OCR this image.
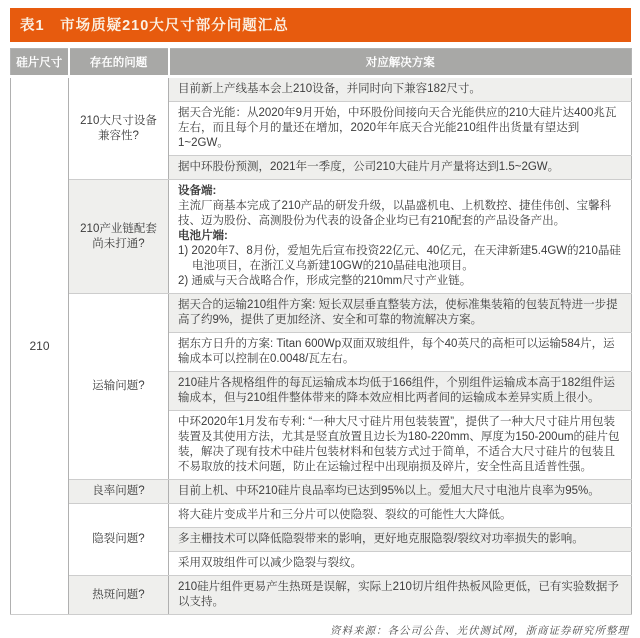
表1　市场质疑210大尺寸部分问题汇总
硅片尺寸	存在的问题	对应解决方案
210	210大尺寸设备兼容性?	目前新上产线基本会上210设备，并同时向下兼容182尺寸。
		据天合光能：从2020年9月开始，中环股份间接向天合光能供应的210大硅片达400兆瓦左右，而且每个月的量还在增加，2020年年底天合光能210组件出货量有望达到1~2GW。
		据中环股份预测，2021年一季度，公司210大硅片月产量将达到1.5~2GW。
	210产业链配套尚未打通?	设备端:
主流厂商基本完成了210产品的研发升级，以晶盛机电、上机数控、捷佳伟创、宝馨科技、迈为股份、高测股份为代表的设备企业均已有210配套的产品设备产出。
电池片端:
1) 2020年7、8月份，爱旭先后宣布投资22亿元、40亿元，在天津新建5.4GW的210晶硅电池项目，在浙江义乌新建10GW的210晶硅电池项目。
2) 通威与天合战略合作，形成完整的210mm尺寸产业链。

	运输问题?	据天合的运输210组件方案: 短长双层垂直整装方法，使标准集装箱的包装瓦特进一步提高了约9%，提供了更加经济、安全和可靠的物流解决方案。
		据东方日升的方案: Titan 600Wp双面双玻组件，每个40英尺的高柜可以运输584片，运输成本可以控制在0.0048/瓦左右。
		210硅片各规格组件的每瓦运输成本均低于166组件，个别组件运输成本高于182组件运输成本，但与210组件整体带来的降本效应相比两者间的运输成本差异实质上很小。
		中环2020年1月发布专利: “一种大尺寸硅片用包装装置”，提供了一种大尺寸硅片用包装装置及其使用方法，尤其是竖直放置且边长为180-220mm、厚度为150-200um的硅片包装，解决了现有技术中硅片包装材料和包装方式过于简单，不适合大尺寸硅片的包装且不易取放的技术问题，防止在运输过程中出现崩损及碎片，安全性高且适普性强。
	良率问题?	目前上机、中环210硅片良品率均已达到95%以上。爱旭大尺寸电池片良率为95%。
	隐裂问题?	将大硅片变成半片和三分片可以使隐裂、裂纹的可能性大大降低。
		多主栅技术可以降低隐裂带来的影响，更好地克服隐裂/裂纹对功率损失的影响。
		采用双玻组件可以减少隐裂与裂纹。
	热斑问题?	210硅片组件更易产生热斑是误解，实际上210切片组件热板风险更低，已有实验数据予以支持。
资料来源：各公司公告、光伏测试网，浙商证券研究所整理
